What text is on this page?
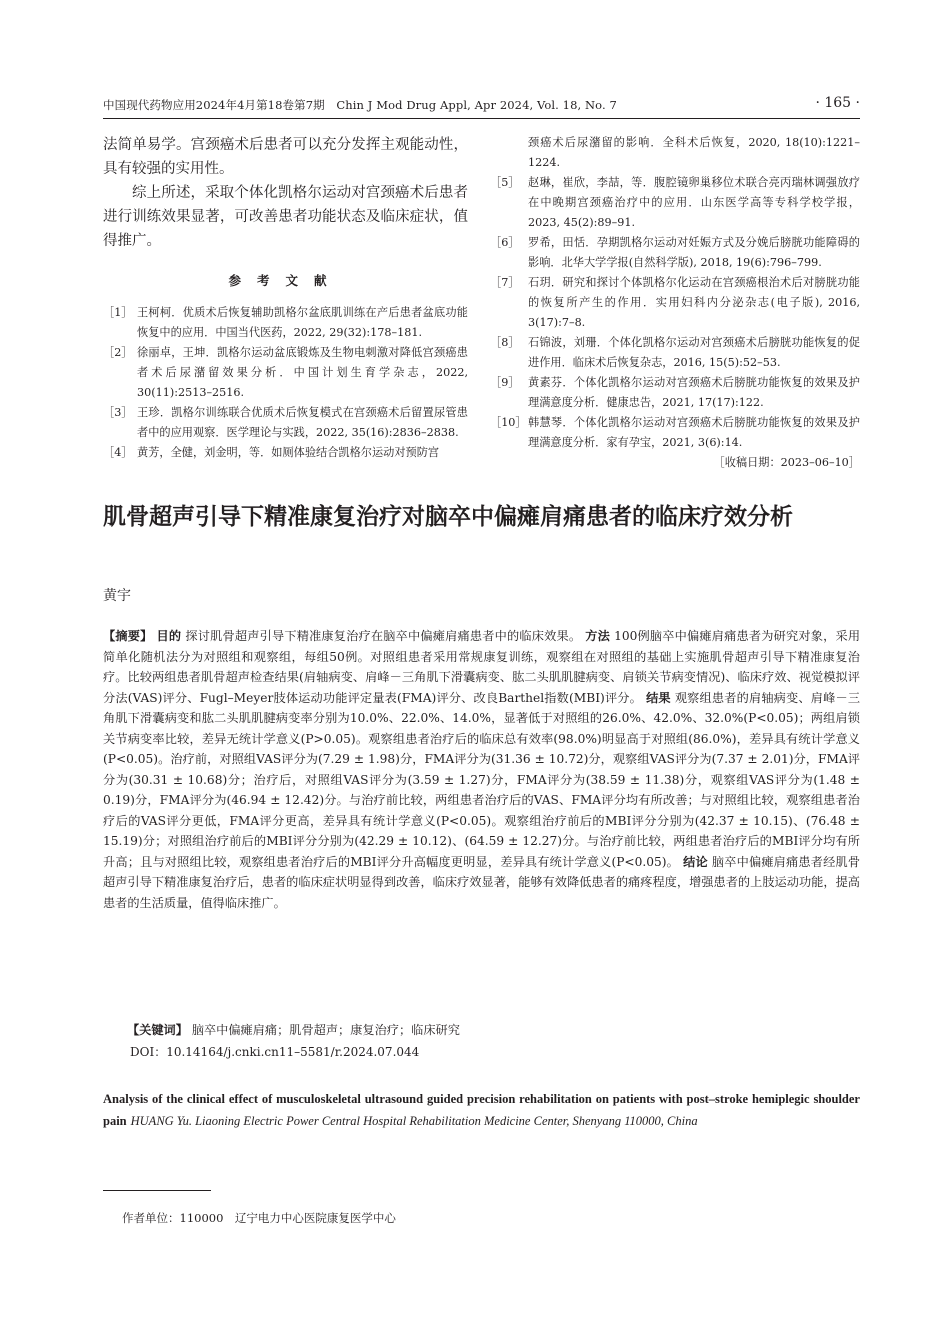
中国现代药物应用2024年4月第18卷第7期　Chin J Mod Drug Appl, Apr 2024, Vol. 18, No. 7	· 165 ·

法简单易学。宫颈癌术后患者可以充分发挥主观能动性，具有较强的实用性。

综上所述，采取个体化凯格尔运动对宫颈癌术后患者进行训练效果显著，可改善患者功能状态及临床症状，值得推广。

参考文献
［1］ 王柯柯．优质术后恢复辅助凯格尔盆底肌训练在产后患者盆底功能恢复中的应用．中国当代医药，2022, 29(32):178–181.
［2］ 徐丽卓，王坤．凯格尔运动盆底锻炼及生物电刺激对降低宫颈癌患者术后尿潴留效果分析．中国计划生育学杂志，2022, 30(11):2513–2516.
［3］ 王珍．凯格尔训练联合优质术后恢复模式在宫颈癌术后留置尿管患者中的应用观察．医学理论与实践，2022, 35(16):2836–2838.
［4］ 黄芳，全健，刘金明，等．如厕体验结合凯格尔运动对预防宫
颈癌术后尿潴留的影响．全科术后恢复，2020, 18(10):1221–1224.
［5］ 赵琳，崔欣，李喆，等．腹腔镜卵巢移位术联合亮丙瑞林调强放疗在中晚期宫颈癌治疗中的应用．山东医学高等专科学校学报，2023, 45(2):89–91.
［6］ 罗希，田恬．孕期凯格尔运动对妊娠方式及分娩后膀胱功能障碍的影响．北华大学学报(自然科学版), 2018, 19(6):796–799.
［7］ 石玥．研究和探讨个体凯格尔化运动在宫颈癌根治术后对膀胱功能的恢复所产生的作用．实用妇科内分泌杂志(电子版), 2016, 3(17):7–8.
［8］ 石锦波，刘珊．个体化凯格尔运动对宫颈癌术后膀胱功能恢复的促进作用．临床术后恢复杂志，2016, 15(5):52–53.
［9］ 黄素芬．个体化凯格尔运动对宫颈癌术后膀胱功能恢复的效果及护理满意度分析．健康忠告，2021, 17(17):122.
［10］ 韩慧琴．个体化凯格尔运动对宫颈癌术后膀胱功能恢复的效果及护理满意度分析．家有孕宝，2021, 3(6):14.
［收稿日期：2023–06–10］
肌骨超声引导下精准康复治疗对脑卒中偏瘫肩痛患者的临床疗效分析
黄宇
【摘要】 目的 探讨肌骨超声引导下精准康复治疗在脑卒中偏瘫肩痛患者中的临床效果。 方法 100例脑卒中偏瘫肩痛患者为研究对象，采用简单化随机法分为对照组和观察组，每组50例。对照组患者采用常规康复训练，观察组在对照组的基础上实施肌骨超声引导下精准康复治疗。比较两组患者肌骨超声检查结果(肩轴病变、肩峰－三角肌下滑囊病变、肱二头肌肌腱病变、肩锁关节病变情况)、临床疗效、视觉模拟评分法(VAS)评分、Fugl–Meyer肢体运动功能评定量表(FMA)评分、改良Barthel指数(MBI)评分。 结果 观察组患者的肩轴病变、肩峰－三角肌下滑囊病变和肱二头肌肌腱病变率分别为10.0%、22.0%、14.0%，显著低于对照组的26.0%、42.0%、32.0%(P<0.05)；两组肩锁关节病变率比较，差异无统计学意义(P>0.05)。观察组患者治疗后的临床总有效率(98.0%)明显高于对照组(86.0%)，差异具有统计学意义(P<0.05)。治疗前，对照组VAS评分为(7.29 ± 1.98)分，FMA评分为(31.36 ± 10.72)分，观察组VAS评分为(7.37 ± 2.01)分，FMA评分为(30.31 ± 10.68)分；治疗后，对照组VAS评分为(3.59 ± 1.27)分，FMA评分为(38.59 ± 11.38)分，观察组VAS评分为(1.48 ± 0.19)分，FMA评分为(46.94 ± 12.42)分。与治疗前比较，两组患者治疗后的VAS、FMA评分均有所改善；与对照组比较，观察组患者治疗后的VAS评分更低，FMA评分更高，差异具有统计学意义(P<0.05)。观察组治疗前后的MBI评分分别为(42.37 ± 10.15)、(76.48 ± 15.19)分；对照组治疗前后的MBI评分分别为(42.29 ± 10.12)、(64.59 ± 12.27)分。与治疗前比较，两组患者治疗后的MBI评分均有所升高；且与对照组比较，观察组患者治疗后的MBI评分升高幅度更明显，差异具有统计学意义(P<0.05)。 结论 脑卒中偏瘫肩痛患者经肌骨超声引导下精准康复治疗后，患者的临床症状明显得到改善，临床疗效显著，能够有效降低患者的痛疼程度，增强患者的上肢运动功能，提高患者的生活质量，值得临床推广。
【关键词】 脑卒中偏瘫肩痛；肌骨超声；康复治疗；临床研究
DOI：10.14164/j.cnki.cn11–5581/r.2024.07.044
Analysis of the clinical effect of musculoskeletal ultrasound guided precision rehabilitation on patients with post–stroke hemiplegic shoulder pain HUANG Yu. Liaoning Electric Power Central Hospital Rehabilitation Medicine Center, Shenyang 110000, China
作者单位：110000　辽宁电力中心医院康复医学中心
